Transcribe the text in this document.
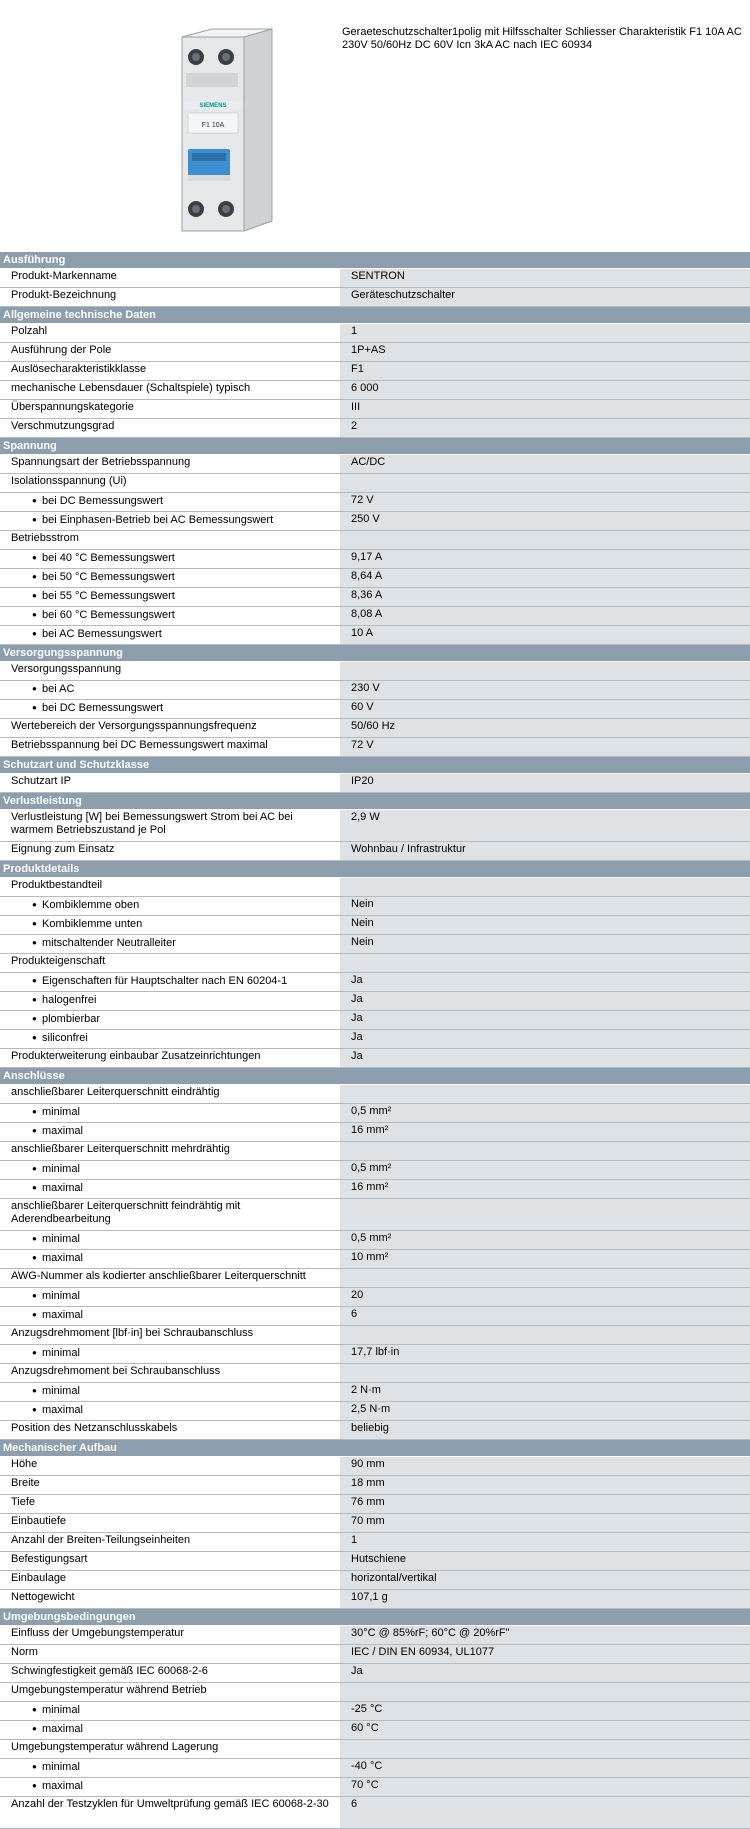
SIEMENS
F1 10A
Geraeteschutzschalter1polig mit Hilfsschalter Schliesser Charakteristik F1 10A AC 230V 50/60Hz DC 60V Icn 3kA AC nach IEC 60934
Ausführung	
Produkt-Markenname	SENTRON
Produkt-Bezeichnung	Geräteschutzschalter
Allgemeine technische Daten	
Polzahl	1
Ausführung der Pole	1P+AS
Auslösecharakteristikklasse	F1
mechanische Lebensdauer (Schaltspiele) typisch	6 000
Überspannungskategorie	III
Verschmutzungsgrad	2
Spannung	
Spannungsart der Betriebsspannung	AC/DC
Isolationsspannung (Ui)	
● bei DC Bemessungswert	72 V
● bei Einphasen-Betrieb bei AC Bemessungswert	250 V
Betriebsstrom	
● bei 40 °C Bemessungswert	9,17 A
● bei 50 °C Bemessungswert	8,64 A
● bei 55 °C Bemessungswert	8,36 A
● bei 60 °C Bemessungswert	8,08 A
● bei AC Bemessungswert	10 A
Versorgungsspannung	
Versorgungsspannung	
● bei AC	230 V
● bei DC Bemessungswert	60 V
Wertebereich der Versorgungsspannungsfrequenz	50/60 Hz
Betriebsspannung bei DC Bemessungswert maximal	72 V
Schutzart und Schutzklasse	
Schutzart IP	IP20
Verlustleistung	
Verlustleistung [W] bei Bemessungswert Strom bei AC bei warmem Betriebszustand je Pol	2,9 W
Eignung zum Einsatz	Wohnbau / Infrastruktur
Produktdetails	
Produktbestandteil	
● Kombiklemme oben	Nein
● Kombiklemme unten	Nein
● mitschaltender Neutralleiter	Nein
Produkteigenschaft	
● Eigenschaften für Hauptschalter nach EN 60204-1	Ja
● halogenfrei	Ja
● plombierbar	Ja
● siliconfrei	Ja
Produkterweiterung einbaubar Zusatzeinrichtungen	Ja
Anschlüsse	
anschließbarer Leiterquerschnitt eindrähtig	
● minimal	0,5 mm²
● maximal	16 mm²
anschließbarer Leiterquerschnitt mehrdrähtig	
● minimal	0,5 mm²
● maximal	16 mm²
anschließbarer Leiterquerschnitt feindrähtig mit Aderendbearbeitung	
● minimal	0,5 mm²
● maximal	10 mm²
AWG-Nummer als kodierter anschließbarer Leiterquerschnitt	
● minimal	20
● maximal	6
Anzugsdrehmoment [lbf·in] bei Schraubanschluss	
● minimal	17,7 lbf·in
Anzugsdrehmoment bei Schraubanschluss	
● minimal	2 N·m
● maximal	2,5 N·m
Position des Netzanschlusskabels	beliebig
Mechanischer Aufbau	
Höhe	90 mm
Breite	18 mm
Tiefe	76 mm
Einbautiefe	70 mm
Anzahl der Breiten-Teilungseinheiten	1
Befestigungsart	Hutschiene
Einbaulage	horizontal/vertikal
Nettogewicht	107,1 g
Umgebungsbedingungen	
Einfluss der Umgebungstemperatur	30°C @ 85%rF; 60°C @ 20%rF"
Norm	IEC / DIN EN 60934, UL1077
Schwingfestigkeit gemäß IEC 60068-2-6	Ja
Umgebungstemperatur während Betrieb	
● minimal	-25 °C
● maximal	60 °C
Umgebungstemperatur während Lagerung	
● minimal	-40 °C
● maximal	70 °C
Anzahl der Testzyklen für Umweltprüfung gemäß IEC 60068-2-30	6
